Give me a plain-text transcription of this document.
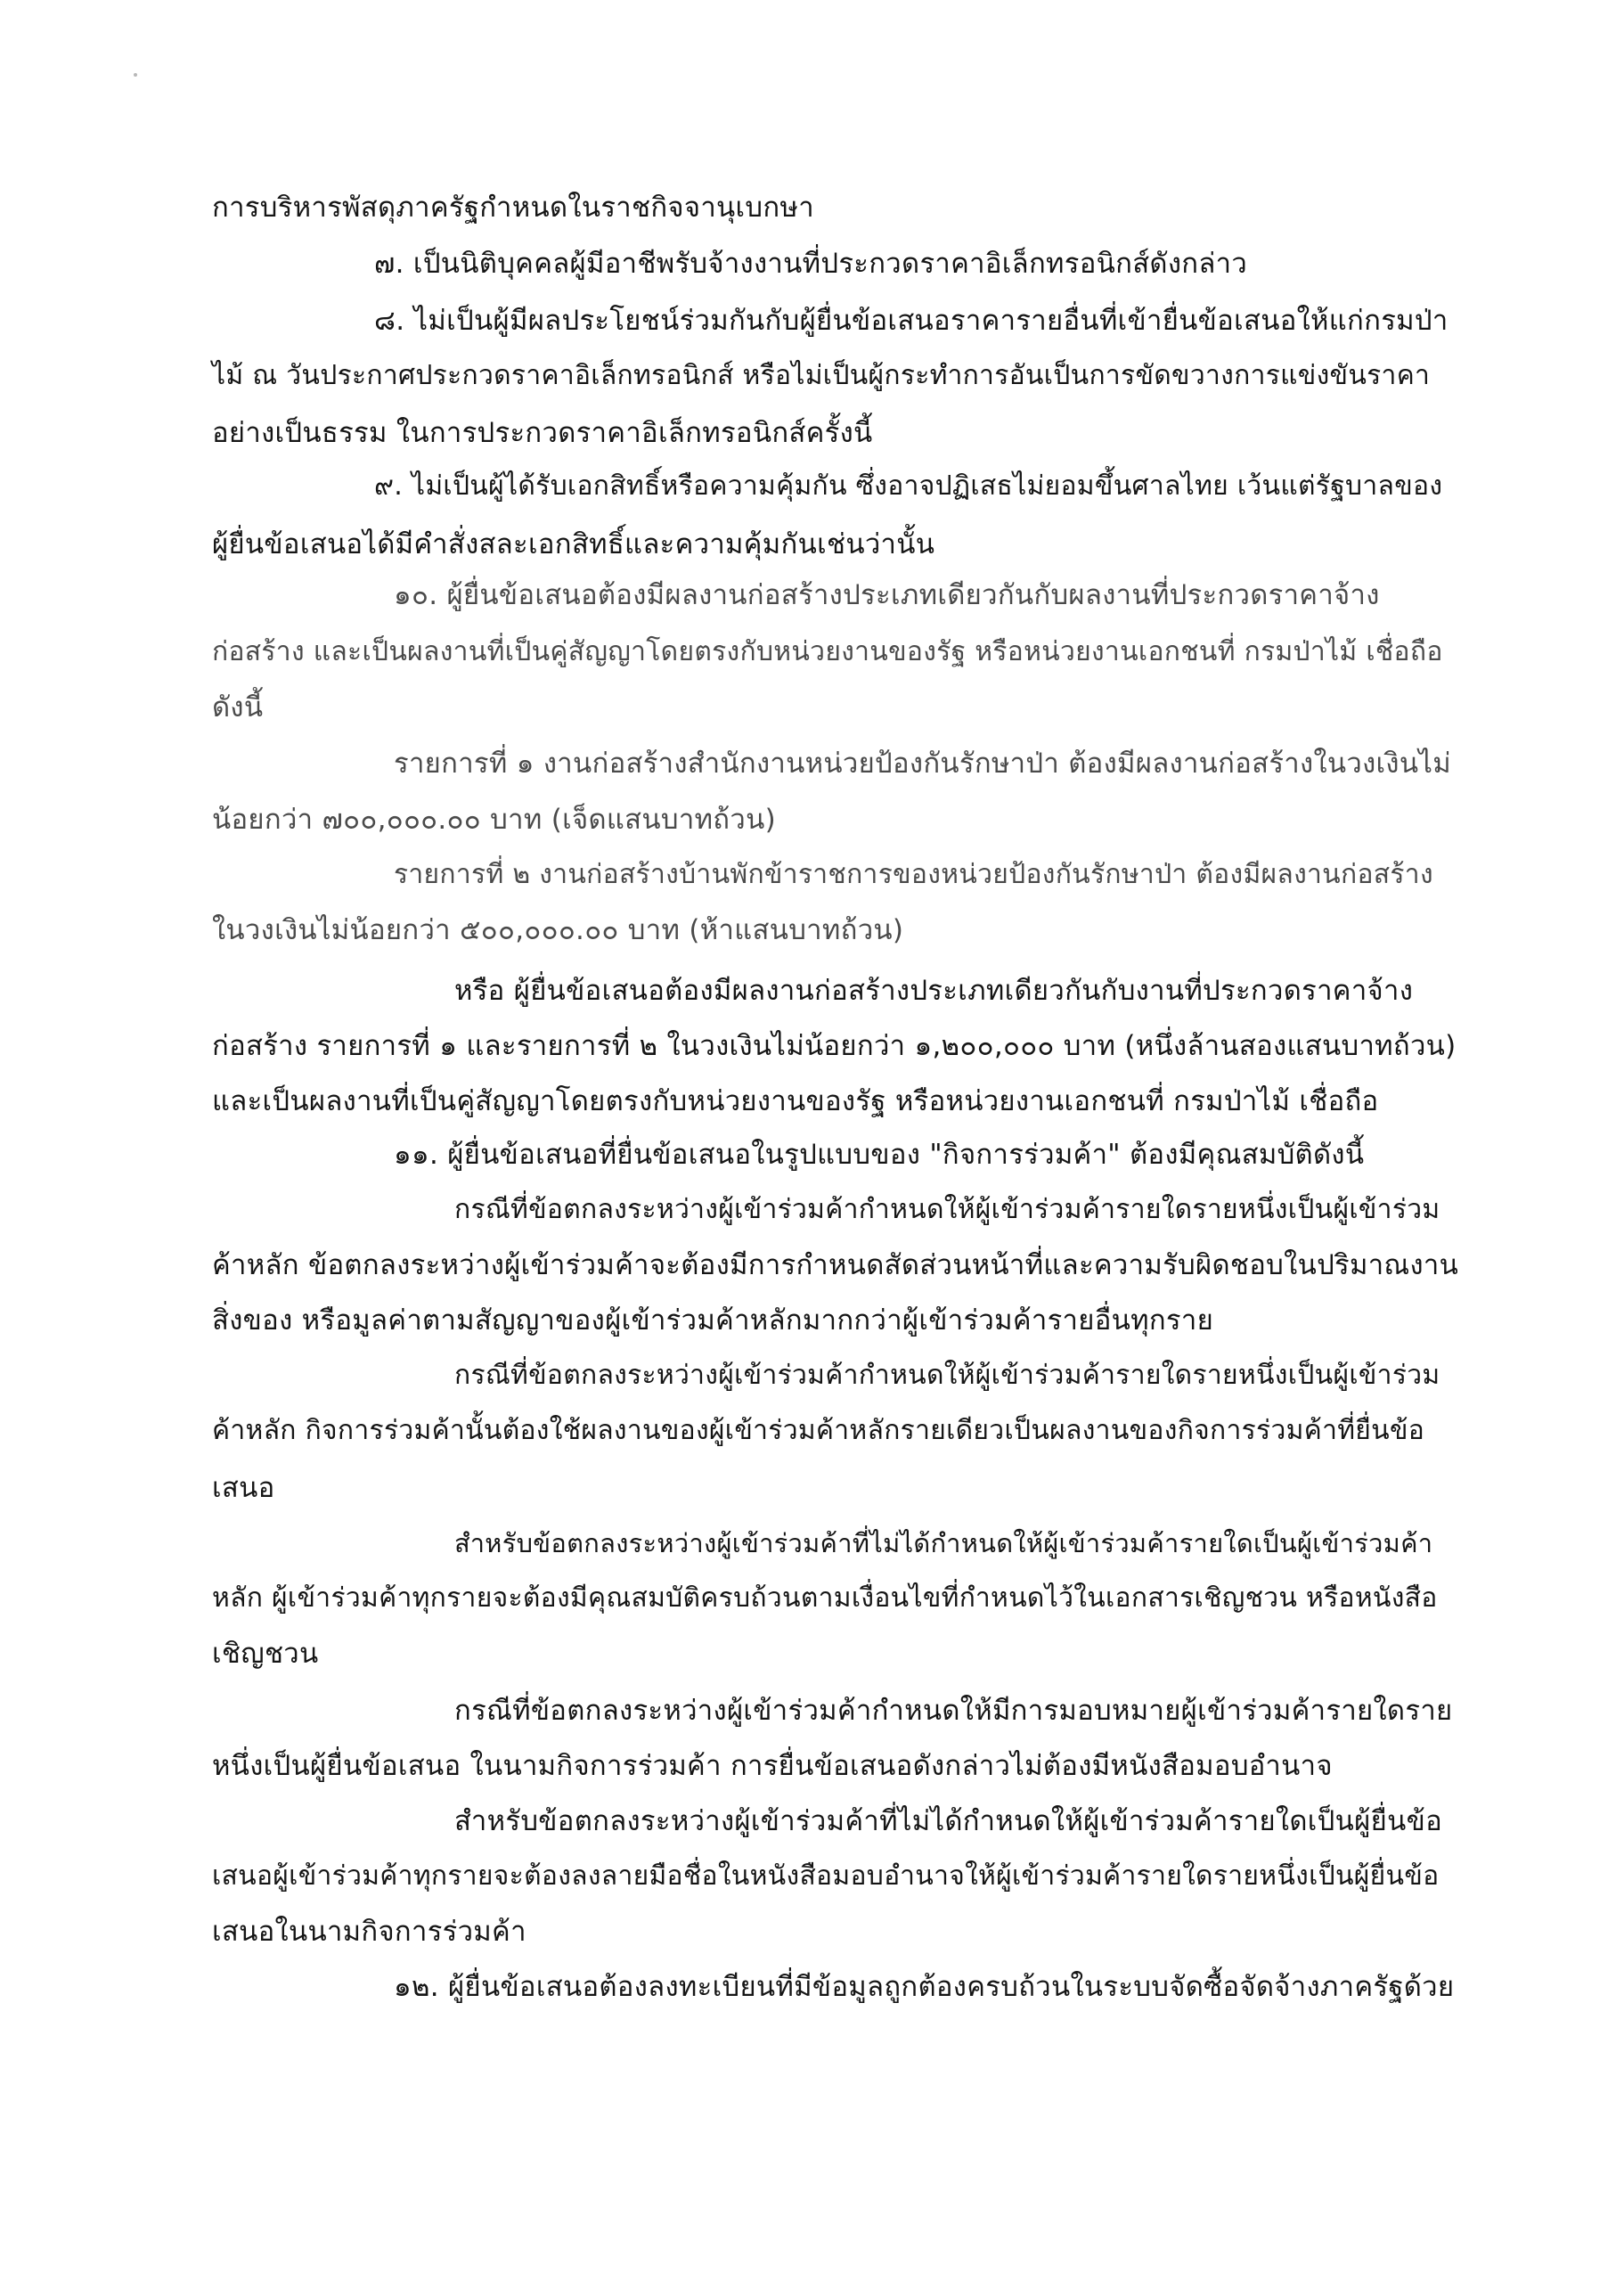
การบริหารพัสดุภาครัฐกำหนดในราชกิจจานุเบกษา
๗. เป็นนิติบุคคลผู้มีอาชีพรับจ้างงานที่ประกวดราคาอิเล็กทรอนิกส์ดังกล่าว
๘. ไม่เป็นผู้มีผลประโยชน์ร่วมกันกับผู้ยื่นข้อเสนอราคารายอื่นที่เข้ายื่นข้อเสนอให้แก่กรมป่า
ไม้ ณ วันประกาศประกวดราคาอิเล็กทรอนิกส์ หรือไม่เป็นผู้กระทำการอันเป็นการขัดขวางการแข่งขันราคา
อย่างเป็นธรรม ในการประกวดราคาอิเล็กทรอนิกส์ครั้งนี้
๙. ไม่เป็นผู้ได้รับเอกสิทธิ์หรือความคุ้มกัน ซึ่งอาจปฏิเสธไม่ยอมขึ้นศาลไทย เว้นแต่รัฐบาลของ
ผู้ยื่นข้อเสนอได้มีคำสั่งสละเอกสิทธิ์และความคุ้มกันเช่นว่านั้น
๑๐. ผู้ยื่นข้อเสนอต้องมีผลงานก่อสร้างประเภทเดียวกันกับผลงานที่ประกวดราคาจ้าง
ก่อสร้าง และเป็นผลงานที่เป็นคู่สัญญาโดยตรงกับหน่วยงานของรัฐ หรือหน่วยงานเอกชนที่ กรมป่าไม้ เชื่อถือ
ดังนี้
รายการที่ ๑ งานก่อสร้างสำนักงานหน่วยป้องกันรักษาป่า ต้องมีผลงานก่อสร้างในวงเงินไม่
น้อยกว่า ๗๐๐,๐๐๐.๐๐ บาท (เจ็ดแสนบาทถ้วน)
รายการที่ ๒ งานก่อสร้างบ้านพักข้าราชการของหน่วยป้องกันรักษาป่า ต้องมีผลงานก่อสร้าง
ในวงเงินไม่น้อยกว่า ๕๐๐,๐๐๐.๐๐ บาท (ห้าแสนบาทถ้วน)
หรือ ผู้ยื่นข้อเสนอต้องมีผลงานก่อสร้างประเภทเดียวกันกับงานที่ประกวดราคาจ้าง
ก่อสร้าง รายการที่ ๑ และรายการที่ ๒ ในวงเงินไม่น้อยกว่า ๑,๒๐๐,๐๐๐ บาท (หนึ่งล้านสองแสนบาทถ้วน)
และเป็นผลงานที่เป็นคู่สัญญาโดยตรงกับหน่วยงานของรัฐ หรือหน่วยงานเอกชนที่ กรมป่าไม้ เชื่อถือ
๑๑. ผู้ยื่นข้อเสนอที่ยื่นข้อเสนอในรูปแบบของ "กิจการร่วมค้า" ต้องมีคุณสมบัติดังนี้
กรณีที่ข้อตกลงระหว่างผู้เข้าร่วมค้ากำหนดให้ผู้เข้าร่วมค้ารายใดรายหนึ่งเป็นผู้เข้าร่วม
ค้าหลัก ข้อตกลงระหว่างผู้เข้าร่วมค้าจะต้องมีการกำหนดสัดส่วนหน้าที่และความรับผิดชอบในปริมาณงาน
สิ่งของ หรือมูลค่าตามสัญญาของผู้เข้าร่วมค้าหลักมากกว่าผู้เข้าร่วมค้ารายอื่นทุกราย
กรณีที่ข้อตกลงระหว่างผู้เข้าร่วมค้ากำหนดให้ผู้เข้าร่วมค้ารายใดรายหนึ่งเป็นผู้เข้าร่วม
ค้าหลัก กิจการร่วมค้านั้นต้องใช้ผลงานของผู้เข้าร่วมค้าหลักรายเดียวเป็นผลงานของกิจการร่วมค้าที่ยื่นข้อ
เสนอ
สำหรับข้อตกลงระหว่างผู้เข้าร่วมค้าที่ไม่ได้กำหนดให้ผู้เข้าร่วมค้ารายใดเป็นผู้เข้าร่วมค้า
หลัก ผู้เข้าร่วมค้าทุกรายจะต้องมีคุณสมบัติครบถ้วนตามเงื่อนไขที่กำหนดไว้ในเอกสารเชิญชวน หรือหนังสือ
เชิญชวน
กรณีที่ข้อตกลงระหว่างผู้เข้าร่วมค้ากำหนดให้มีการมอบหมายผู้เข้าร่วมค้ารายใดราย
หนึ่งเป็นผู้ยื่นข้อเสนอ ในนามกิจการร่วมค้า การยื่นข้อเสนอดังกล่าวไม่ต้องมีหนังสือมอบอำนาจ
สำหรับข้อตกลงระหว่างผู้เข้าร่วมค้าที่ไม่ได้กำหนดให้ผู้เข้าร่วมค้ารายใดเป็นผู้ยื่นข้อ
เสนอผู้เข้าร่วมค้าทุกรายจะต้องลงลายมือชื่อในหนังสือมอบอำนาจให้ผู้เข้าร่วมค้ารายใดรายหนึ่งเป็นผู้ยื่นข้อ
เสนอในนามกิจการร่วมค้า
๑๒. ผู้ยื่นข้อเสนอต้องลงทะเบียนที่มีข้อมูลถูกต้องครบถ้วนในระบบจัดซื้อจัดจ้างภาครัฐด้วย
